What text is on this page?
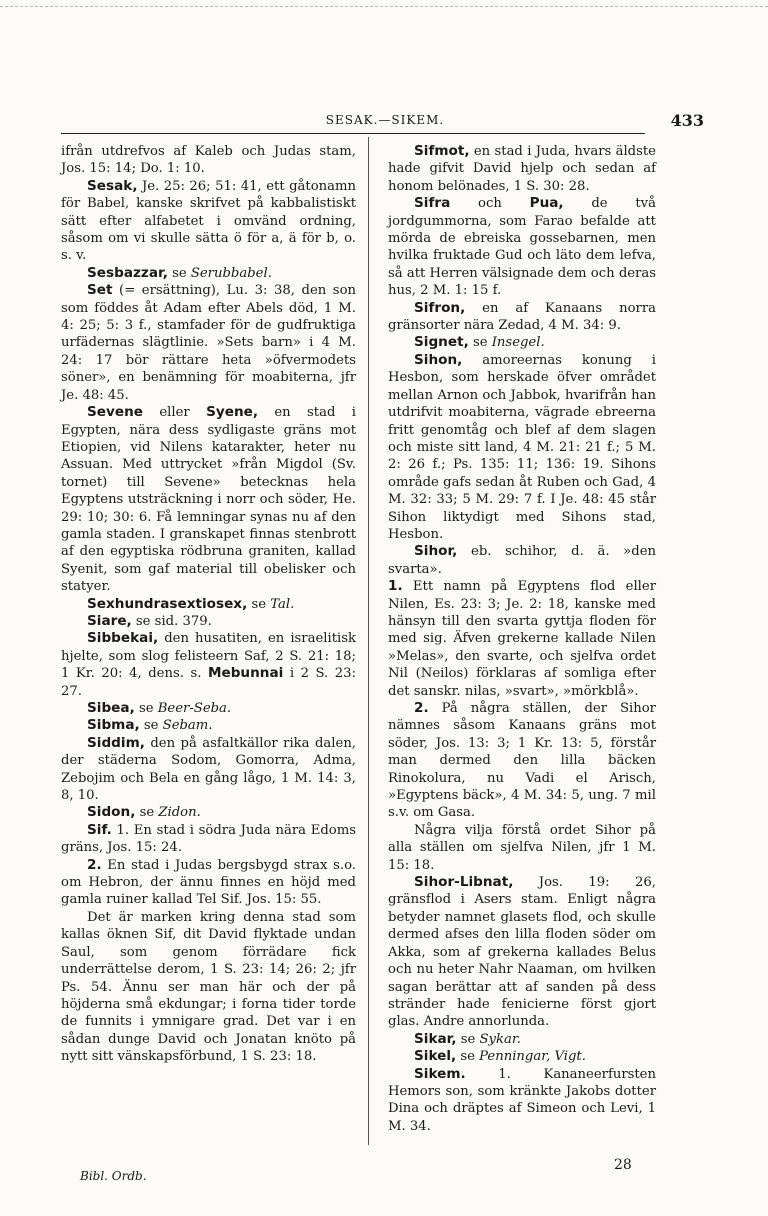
SESAK.—SIKEM.	433

ifrån utdrefvos af Kaleb och Judas stam, Jos. 15: 14; Do. 1: 10.

Sesak, Je. 25: 26; 51: 41, ett gåtonamn för Babel, kanske skrifvet på kabbalistiskt sätt efter alfabetet i omvänd ordning, såsom om vi skulle sätta ö för a, ä för b, o. s. v.

Sesbazzar, se Serubbabel.

Set (= ersättning), Lu. 3: 38, den son som föddes åt Adam efter Abels död, 1 M. 4: 25; 5: 3 f., stamfader för de gudfruktiga urfädernas slägtlinie. »Sets barn» i 4 M. 24: 17 bör rättare heta »öfvermodets söner», en benämning för moabiterna, jfr Je. 48: 45.

Sevene eller Syene, en stad i Egypten, nära dess sydligaste gräns mot Etiopien, vid Nilens katarakter, heter nu Assuan. Med uttrycket »från Migdol (Sv. tornet) till Sevene» betecknas hela Egyptens utsträckning i norr och söder, He. 29: 10; 30: 6. Få lemningar synas nu af den gamla staden. I granskapet finnas stenbrott af den egyptiska rödbruna graniten, kallad Syenit, som gaf material till obelisker och statyer.

Sexhundrasextiosex, se Tal.

Siare, se sid. 379.

Sibbekai, den husatiten, en israelitisk hjelte, som slog felisteern Saf, 2 S. 21: 18; 1 Kr. 20: 4, dens. s. Mebunnai i 2 S. 23: 27.

Sibea, se Beer-Seba.

Sibma, se Sebam.

Siddim, den på asfaltkällor rika dalen, der städerna Sodom, Gomorra, Adma, Zebojim och Bela en gång lågo, 1 M. 14: 3, 8, 10.

Sidon, se Zidon.

Sif. 1. En stad i södra Juda nära Edoms gräns, Jos. 15: 24.

2. En stad i Judas bergsbygd strax s.o. om Hebron, der ännu finnes en höjd med gamla ruiner kallad Tel Sif. Jos. 15: 55.

Det är marken kring denna stad som kallas öknen Sif, dit David flyktade undan Saul, som genom förrädare fick underrättelse derom, 1 S. 23: 14; 26: 2; jfr Ps. 54. Ännu ser man här och der på höjderna små ekdungar; i forna tider torde de funnits i ymnigare grad. Det var i en sådan dunge David och Jonatan knöto på nytt sitt vänskapsförbund, 1 S. 23: 18.

Sifmot, en stad i Juda, hvars äldste hade gifvit David hjelp och sedan af honom belönades, 1 S. 30: 28.

Sifra och Pua, de två jordgummorna, som Farao befalde att mörda de ebreiska gossebarnen, men hvilka fruktade Gud och läto dem lefva, så att Herren välsignade dem och deras hus, 2 M. 1: 15 f.

Sifron, en af Kanaans norra gränsorter nära Zedad, 4 M. 34: 9.

Signet, se Insegel.

Sihon, amoreernas konung i Hesbon, som herskade öfver området mellan Arnon och Jabbok, hvarifrån han utdrifvit moabiterna, vägrade ebreerna fritt genomtåg och blef af dem slagen och miste sitt land, 4 M. 21: 21 f.; 5 M. 2: 26 f.; Ps. 135: 11; 136: 19. Sihons område gafs sedan åt Ruben och Gad, 4 M. 32: 33; 5 M. 29: 7 f. I Je. 48: 45 står Sihon liktydigt med Sihons stad, Hesbon.

Sihor, eb. schihor, d. ä. »den svarta».

1. Ett namn på Egyptens flod eller Nilen, Es. 23: 3; Je. 2: 18, kanske med hänsyn till den svarta gyttja floden för med sig. Äfven grekerne kallade Nilen »Melas», den svarte, och sjelfva ordet Nil (Neilos) förklaras af somliga efter det sanskr. nilas, »svart», »mörkblå».

2. På några ställen, der Sihor nämnes såsom Kanaans gräns mot söder, Jos. 13: 3; 1 Kr. 13: 5, förstår man dermed den lilla bäcken Rinokolura, nu Vadi el Arisch, »Egyptens bäck», 4 M. 34: 5, ung. 7 mil s.v. om Gasa.

Några vilja förstå ordet Sihor på alla ställen om sjelfva Nilen, jfr 1 M. 15: 18.

Sihor-Libnat, Jos. 19: 26, gränsflod i Asers stam. Enligt några betyder namnet glasets flod, och skulle dermed afses den lilla floden söder om Akka, som af grekerna kallades Belus och nu heter Nahr Naaman, om hvilken sagan berättar att af sanden på dess stränder hade fenicierne först gjort glas. Andre annorlunda.

Sikar, se Sykar.

Sikel, se Penningar, Vigt.

Sikem. 1. Kananeerfursten Hemors son, som kränkte Jakobs dotter Dina och dräptes af Simeon och Levi, 1 M. 34.

Bibl. Ordb.
28
